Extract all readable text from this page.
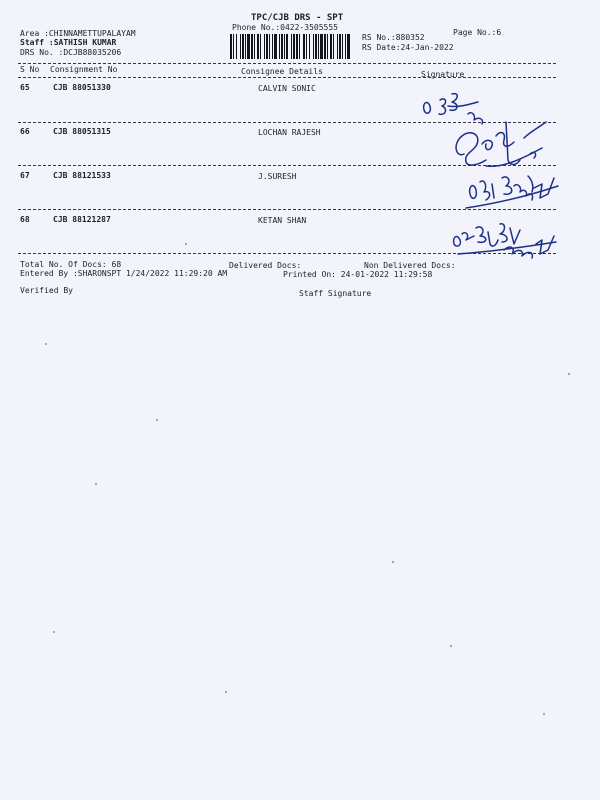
TPC/CJB DRS - SPT
Phone No.:0422-3505555
Area :CHINNAMETTUPALAYAM
Staff :SATHISH KUMAR
DRS No. :DCJB88035206
RS No.:880352
RS Date:24-Jan-2022
Page No.:6
S No Consignment No	Consignee Details	Signature
65	CJB 88051330	CALVIN SONIC
66	CJB 88051315	LOCHAN RAJESH
67	CJB 88121533	J.SURESH
68	CJB 88121287	KETAN SHAN
Total No. Of Docs: 68	Delivered Docs:	Non Delivered Docs:
Entered By :SHARONSPT 1/24/2022 11:29:20 AM	Printed On: 24-01-2022 11:29:58
Verified By	Staff Signature
